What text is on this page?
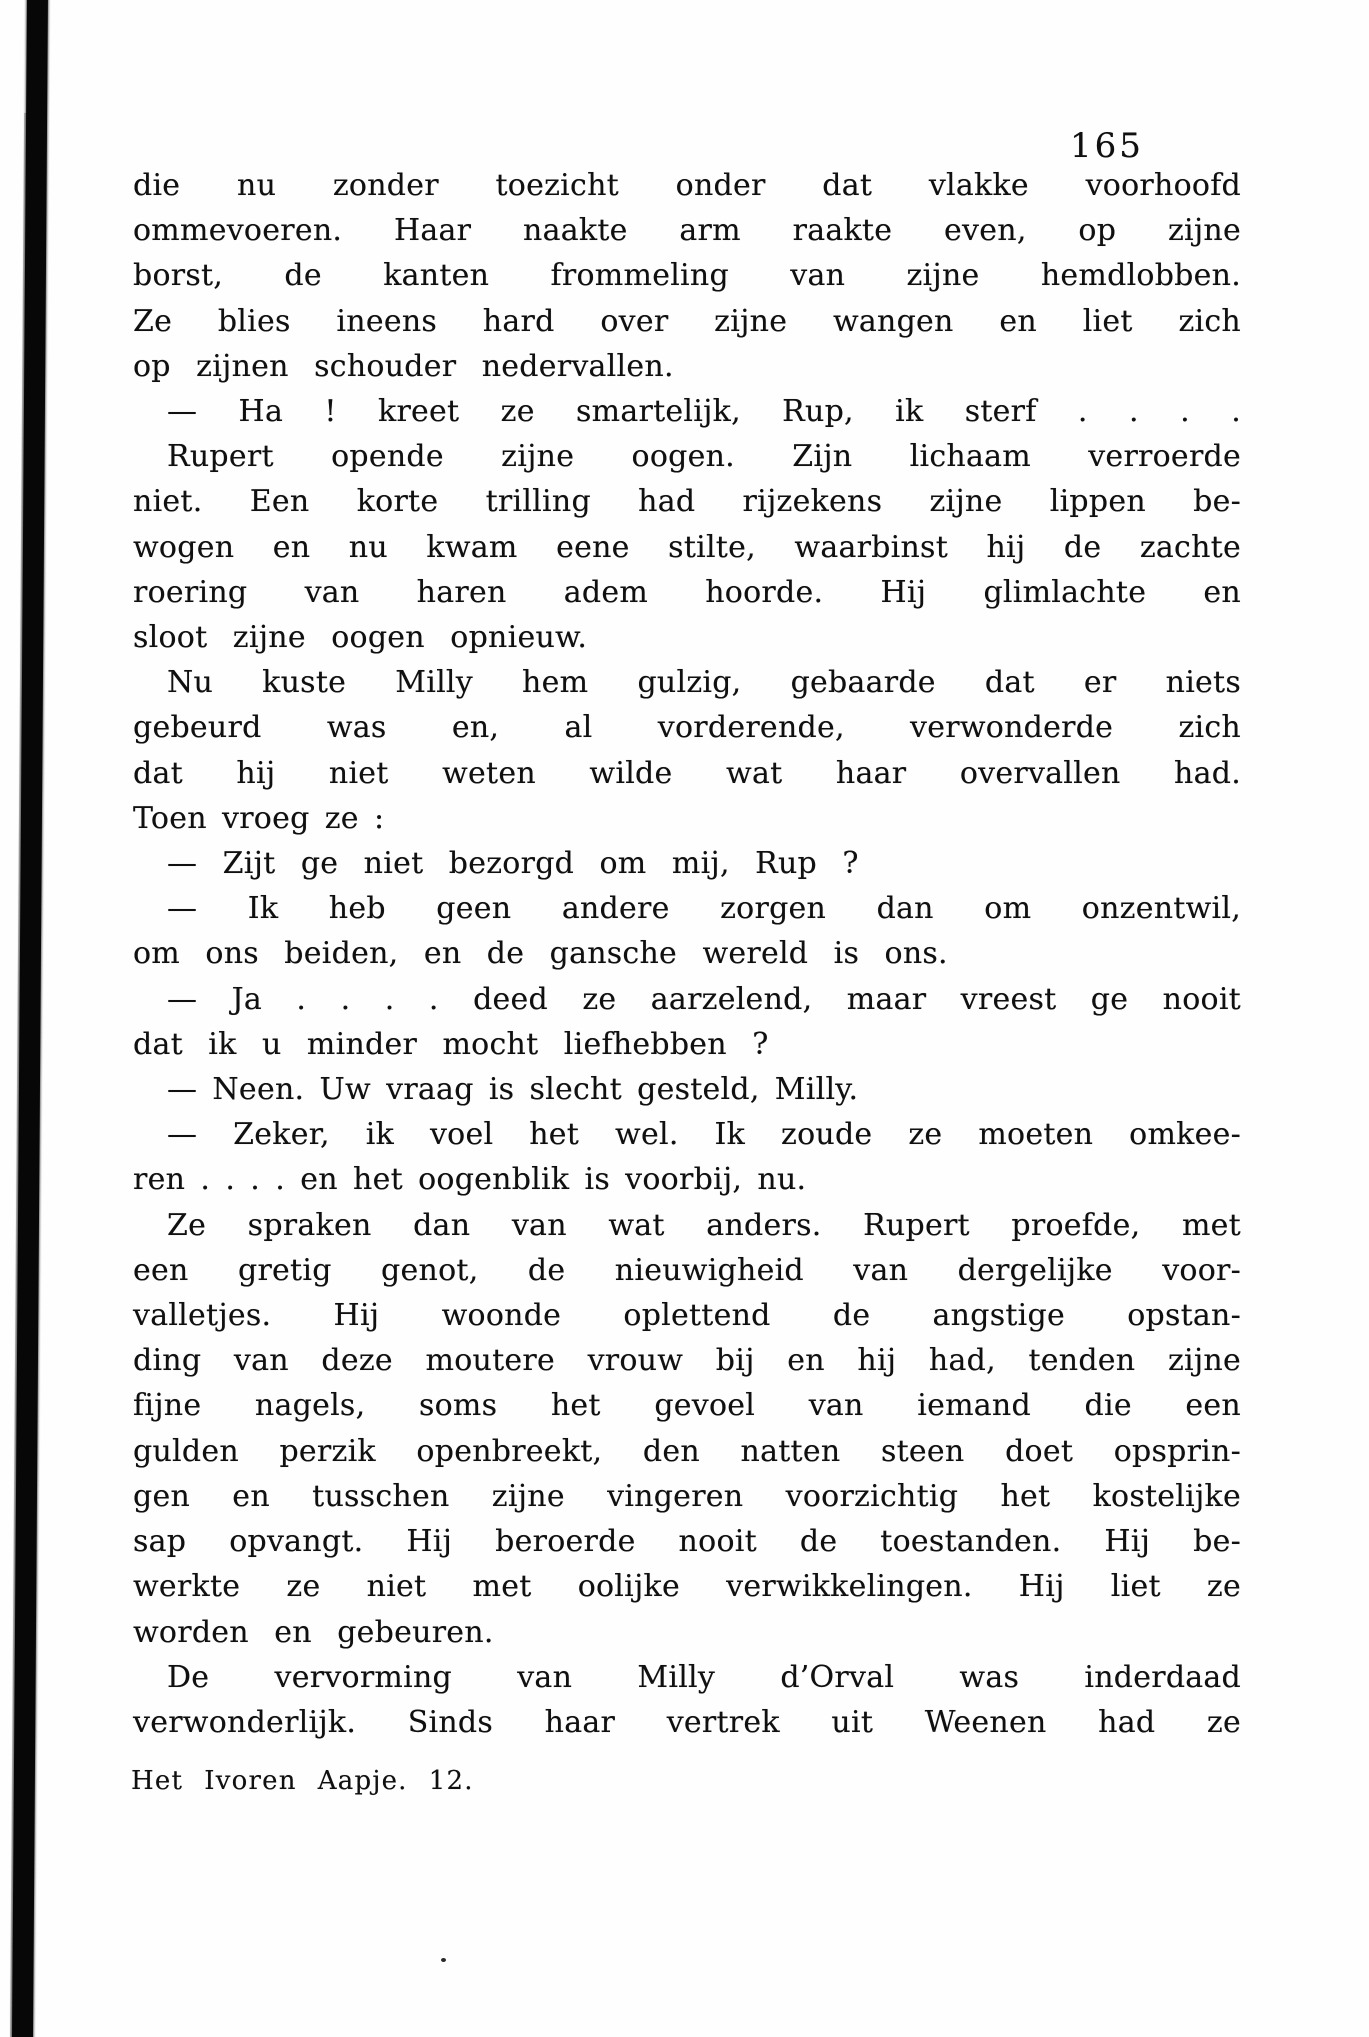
165
die nu zonder toezicht onder dat vlakke voorhoofd
ommevoeren. Haar naakte arm raakte even, op zijne
borst, de kanten frommeling van zijne hemdlobben.
Ze blies ineens hard over zijne wangen en liet zich
op zijnen schouder nedervallen.
— Ha ! kreet ze smartelijk, Rup, ik sterf . . . .
Rupert opende zijne oogen. Zijn lichaam verroerde
niet. Een korte trilling had rijzekens zijne lippen be-
wogen en nu kwam eene stilte, waarbinst hij de zachte
roering van haren adem hoorde. Hij glimlachte en
sloot zijne oogen opnieuw.
Nu kuste Milly hem gulzig, gebaarde dat er niets
gebeurd was en, al vorderende, verwonderde zich
dat hij niet weten wilde wat haar overvallen had.
Toen vroeg ze :
— Zijt ge niet bezorgd om mij, Rup ?
— Ik heb geen andere zorgen dan om onzentwil,
om ons beiden, en de gansche wereld is ons.
— Ja . . . . deed ze aarzelend, maar vreest ge nooit
dat ik u minder mocht liefhebben ?
— Neen. Uw vraag is slecht gesteld, Milly.
— Zeker, ik voel het wel. Ik zoude ze moeten omkee-
ren . . . . en het oogenblik is voorbij, nu.
Ze spraken dan van wat anders. Rupert proefde, met
een gretig genot, de nieuwigheid van dergelijke voor-
valletjes. Hij woonde oplettend de angstige opstan-
ding van deze moutere vrouw bij en hij had, tenden zijne
fijne nagels, soms het gevoel van iemand die een
gulden perzik openbreekt, den natten steen doet opsprin-
gen en tusschen zijne vingeren voorzichtig het kostelijke
sap opvangt. Hij beroerde nooit de toestanden. Hij be-
werkte ze niet met oolijke verwikkelingen. Hij liet ze
worden en gebeuren.
De vervorming van Milly d’Orval was inderdaad
verwonderlijk. Sinds haar vertrek uit Weenen had ze
Het Ivoren Aapje. 12.
